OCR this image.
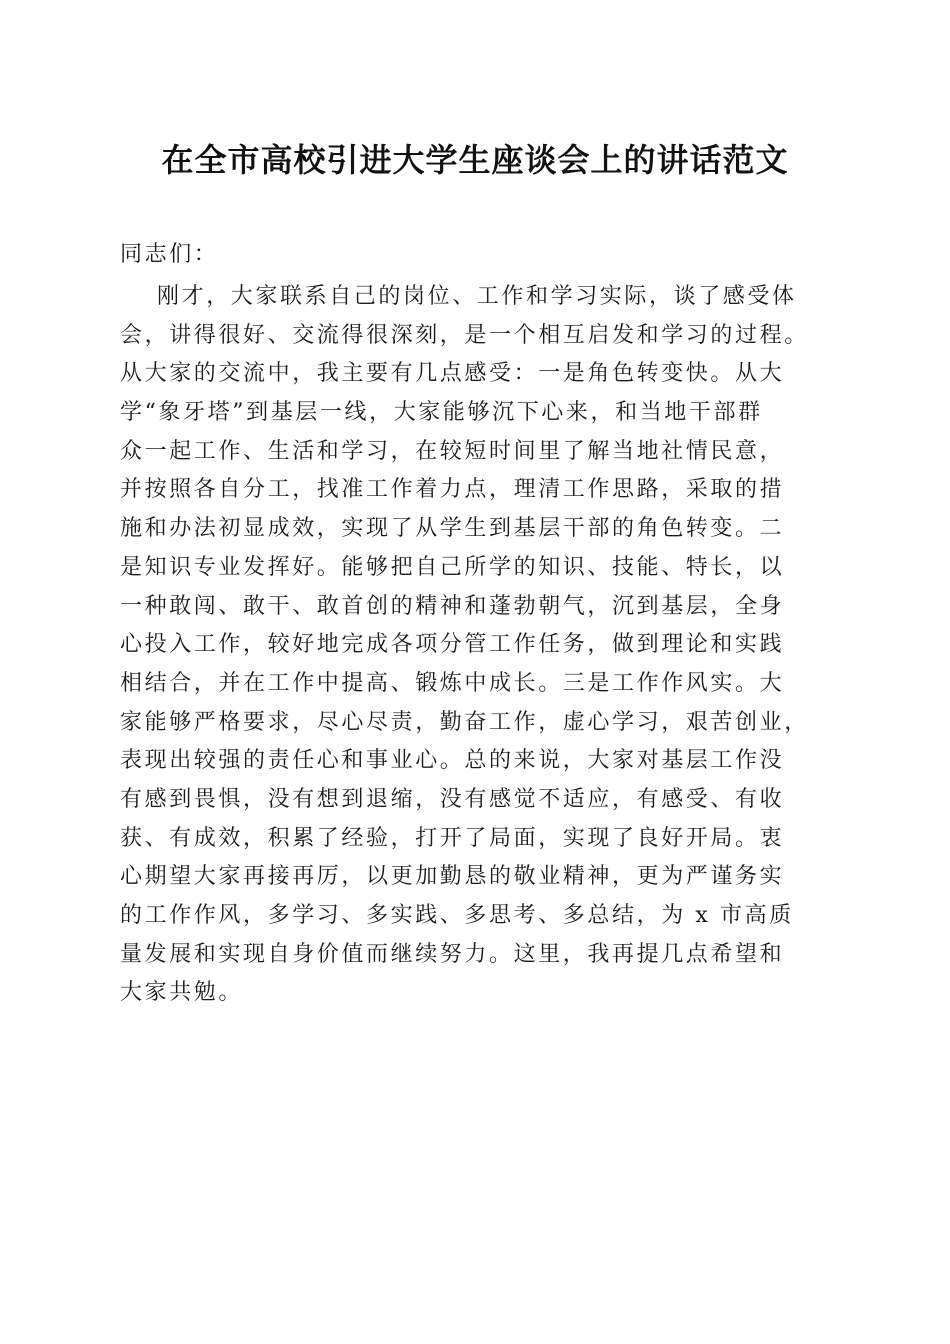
在全市高校引进大学生座谈会上的讲话范文
同志们：
刚才，大家联系自己的岗位、工作和学习实际，谈了感受体
会，讲得很好、交流得很深刻，是一个相互启发和学习的过程。
从大家的交流中，我主要有几点感受：一是角色转变快。从大
学“象牙塔”到基层一线，大家能够沉下心来，和当地干部群
众一起工作、生活和学习，在较短时间里了解当地社情民意，
并按照各自分工，找准工作着力点，理清工作思路，采取的措
施和办法初显成效，实现了从学生到基层干部的角色转变。二
是知识专业发挥好。能够把自己所学的知识、技能、特长，以
一种敢闯、敢干、敢首创的精神和蓬勃朝气，沉到基层，全身
心投入工作，较好地完成各项分管工作任务，做到理论和实践
相结合，并在工作中提高、锻炼中成长。三是工作作风实。大
家能够严格要求，尽心尽责，勤奋工作，虚心学习，艰苦创业，
表现出较强的责任心和事业心。总的来说，大家对基层工作没
有感到畏惧，没有想到退缩，没有感觉不适应，有感受、有收
获、有成效，积累了经验，打开了局面，实现了良好开局。衷
心期望大家再接再厉，以更加勤恳的敬业精神，更为严谨务实
的工作作风，多学习、多实践、多思考、多总结，为 x 市高质
量发展和实现自身价值而继续努力。这里，我再提几点希望和
大家共勉。
